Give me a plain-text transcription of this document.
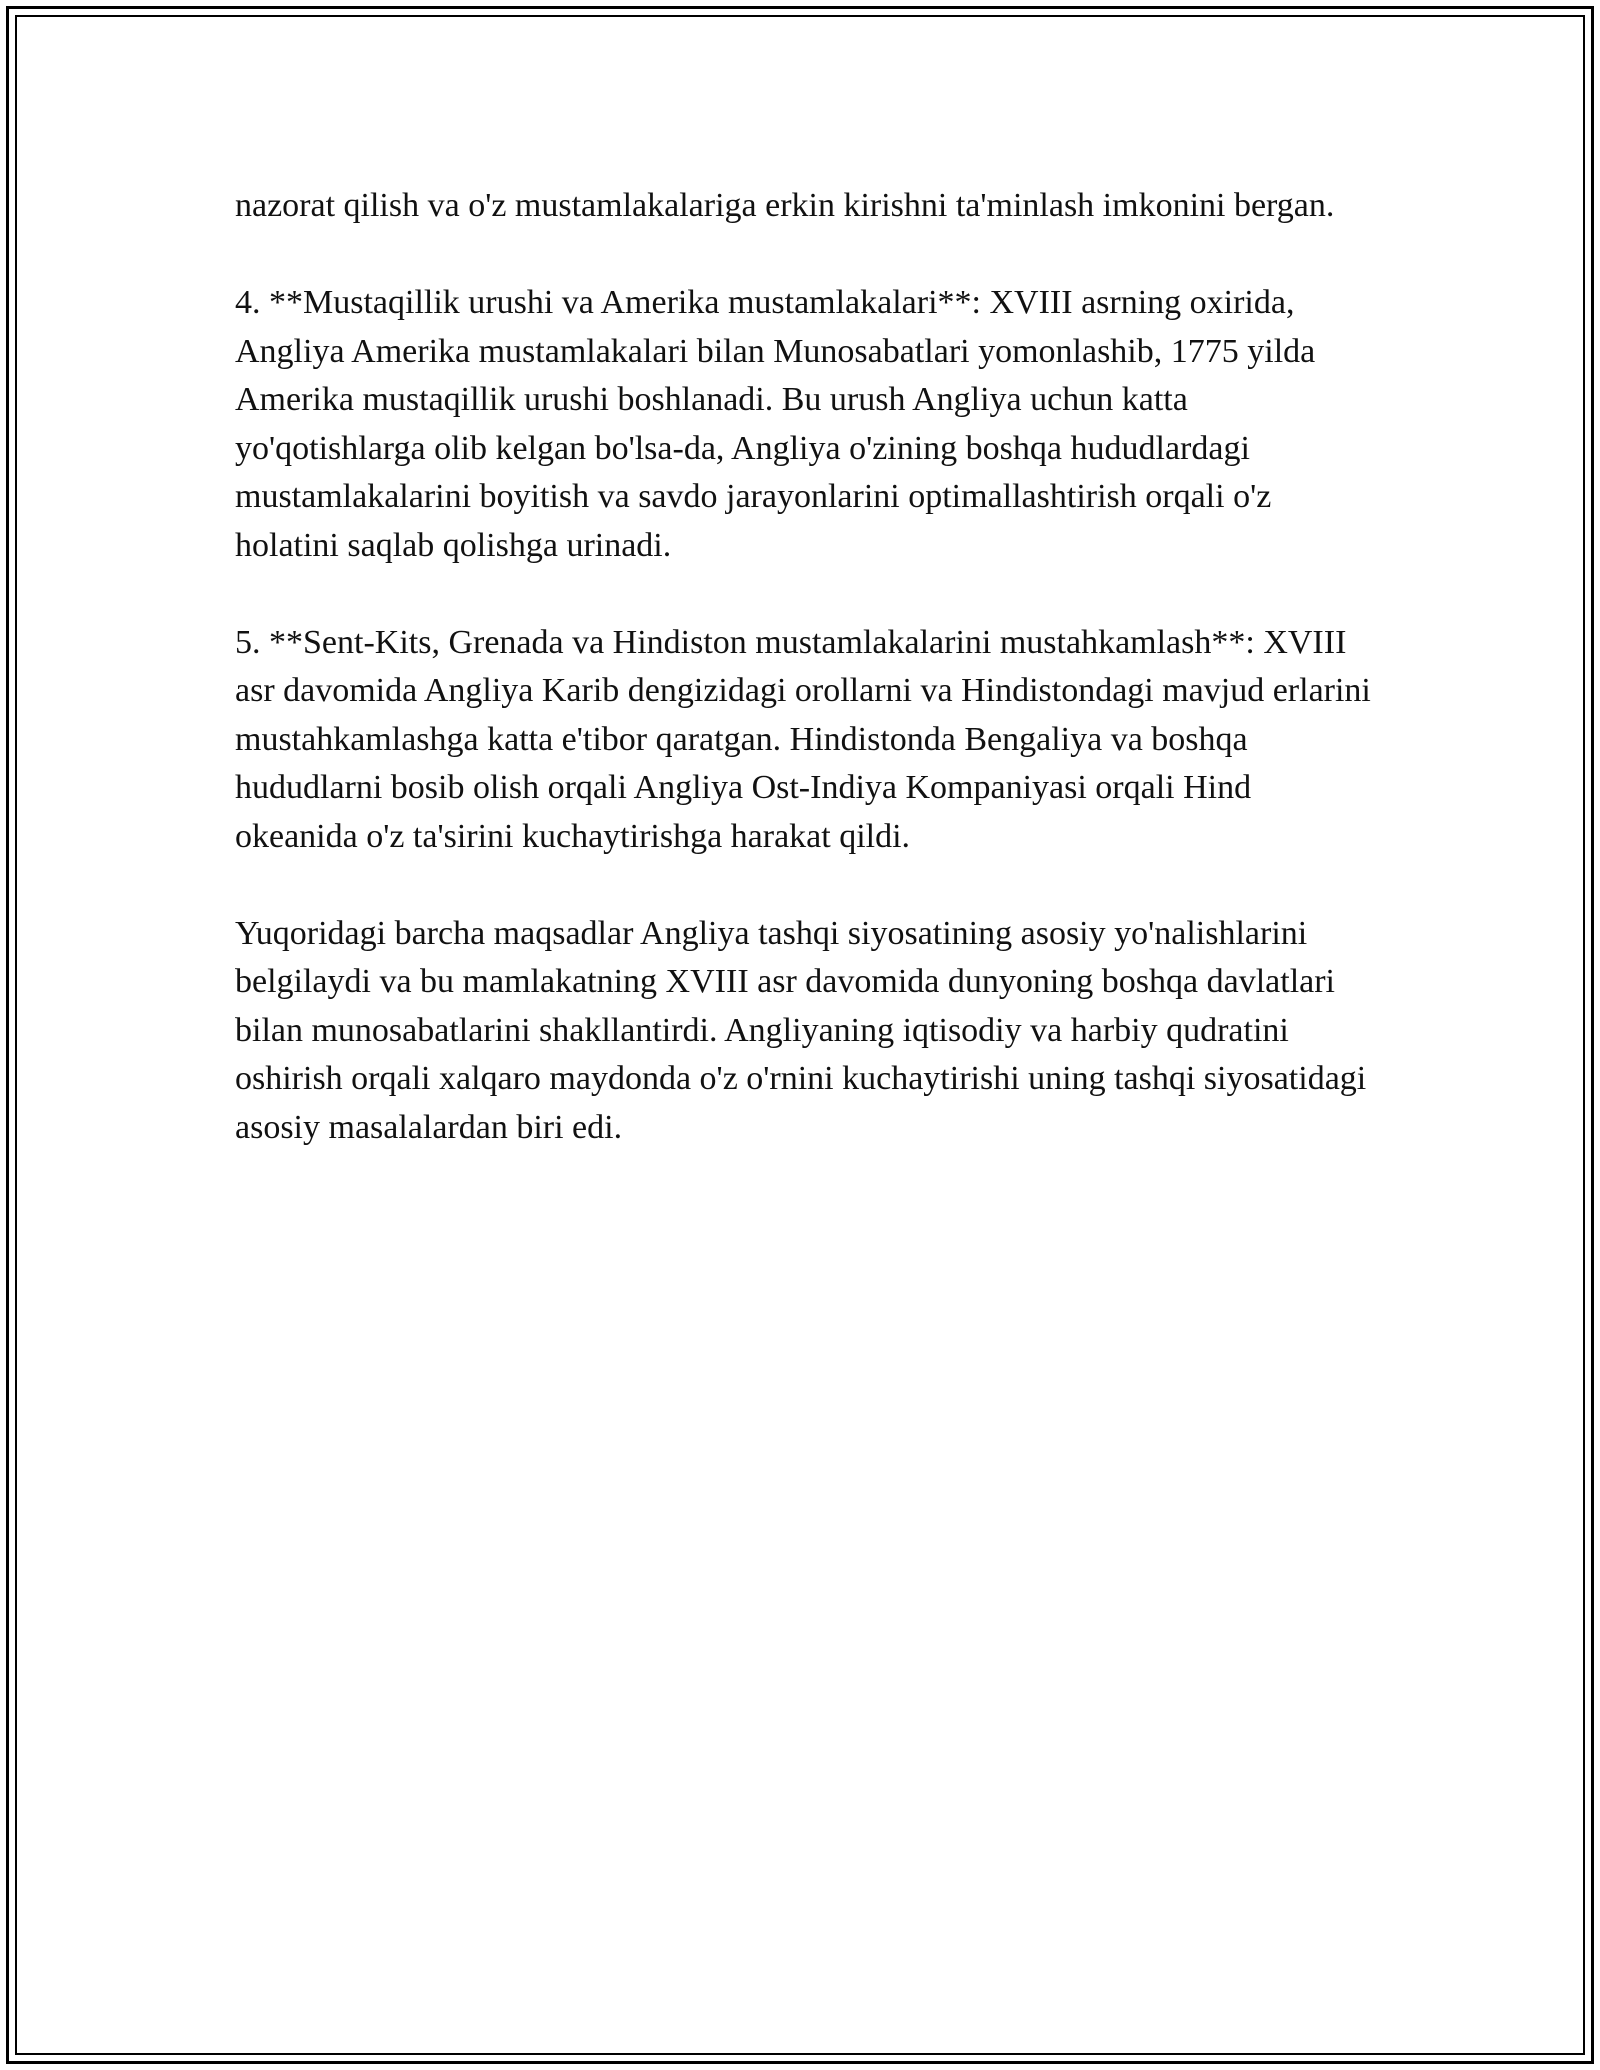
nazorat qilish va o'z mustamlakalariga erkin kirishni ta'minlash imkonini bergan.

4. **Mustaqillik urushi va Amerika mustamlakalari**: XVIII asrning oxirida, Angliya Amerika mustamlakalari bilan Munosabatlari yomonlashib, 1775 yilda Amerika mustaqillik urushi boshlanadi. Bu urush Angliya uchun katta yo'qotishlarga olib kelgan bo'lsa-da, Angliya o'zining boshqa hududlardagi mustamlakalarini boyitish va savdo jarayonlarini optimallashtirish orqali o'z holatini saqlab qolishga urinadi.

5. **Sent-Kits, Grenada va Hindiston mustamlakalarini mustahkamlash**: XVIII asr davomida Angliya Karib dengizidagi orollarni va Hindistondagi mavjud erlarini mustahkamlashga katta e'tibor qaratgan. Hindistonda Bengaliya va boshqa hududlarni bosib olish orqali Angliya Ost-Indiya Kompaniyasi orqali Hind okeanida o'z ta'sirini kuchaytirishga harakat qildi.

Yuqoridagi barcha maqsadlar Angliya tashqi siyosatining asosiy yo'nalishlarini belgilaydi va bu mamlakatning XVIII asr davomida dunyoning boshqa davlatlari bilan munosabatlarini shakllantirdi. Angliyaning iqtisodiy va harbiy qudratini oshirish orqali xalqaro maydonda o'z o'rnini kuchaytirishi uning tashqi siyosatidagi asosiy masalalardan biri edi.
